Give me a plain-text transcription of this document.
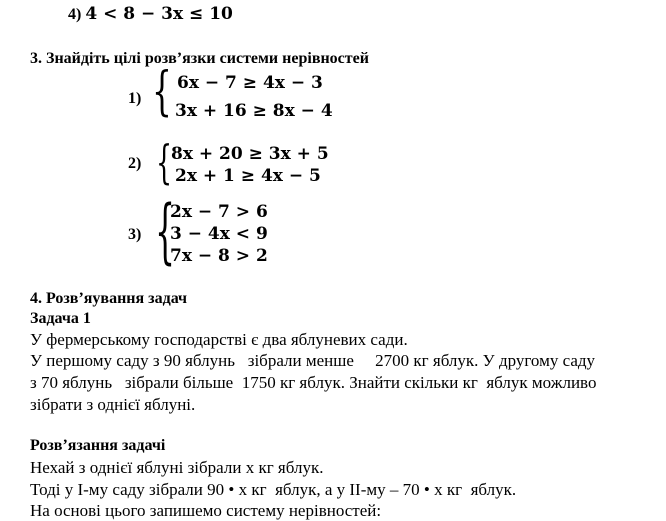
4) 4 < 8 − 3x ≤ 10
3. Знайдіть цілі розв’язки системи нерівностей
1) { 6x − 7 ≥ 4x − 3
3x + 16 ≥ 8x − 4
2) {
8x + 20 ≥ 3x + 5
2x + 1 ≥ 4x − 5
3) {
2x − 7 > 6
3 − 4x < 9
7x − 8 > 2
4. Розв’яування задач
Задача 1
У фермерському господарстві є два яблуневих сади.
У першому саду з 90 яблунь   зібрали менше     2700 кг яблук. У другому саду
з 70 яблунь   зібрали більше  1750 кг яблук. Знайти скільки кг  яблук можливо
зібрати з однієї яблуні.
Розв’язання задачі
Нехай з однієї яблуні зібрали х кг яблук.
Тоді у І-му саду зібрали 90 • х кг  яблук, а у ІІ-му – 70 • х кг  яблук.
На основі цього запишемо систему нерівностей:
